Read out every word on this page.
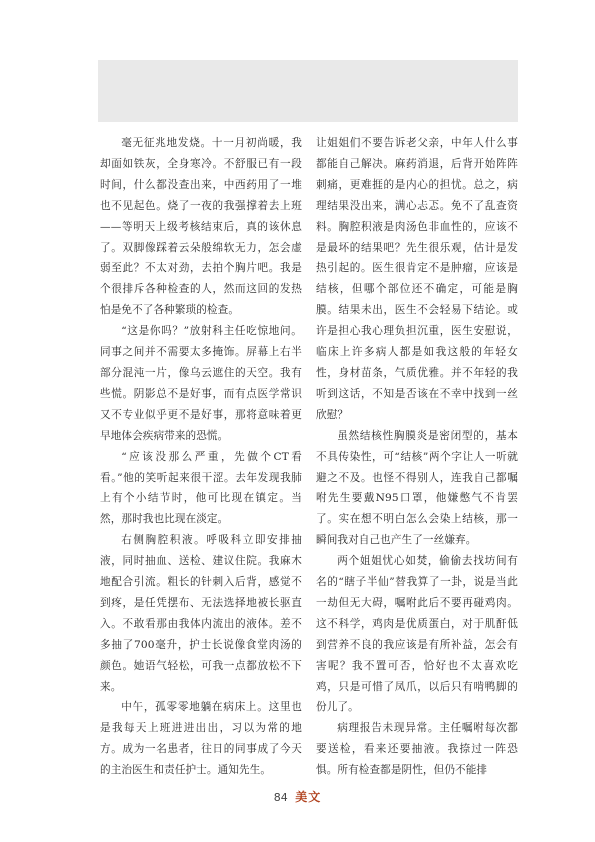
毫无征兆地发烧。十一月初尚暖，我却面如铁灰，全身寒冷。不舒服已有一段时间，什么都没查出来，中西药用了一堆也不见起色。烧了一夜的我强撑着去上班——等明天上级考核结束后，真的该休息了。双脚像踩着云朵般绵软无力，怎会虚弱至此？不太对劲，去拍个胸片吧。我是个很排斥各种检查的人，然而这回的发热怕是免不了各种繁琐的检查。

“这是你吗？”放射科主任吃惊地问。同事之间并不需要太多掩饰。屏幕上右半部分混沌一片，像乌云遮住的天空。我有些慌。阴影总不是好事，而有点医学常识又不专业似乎更不是好事，那将意味着更早地体会疾病带来的恐慌。

“应该没那么严重，先做个CT看看。”他的笑听起来很干涩。去年发现我肺上有个小结节时，他可比现在镇定。当然，那时我也比现在淡定。

右侧胸腔积液。呼吸科立即安排抽液，同时抽血、送检、建议住院。我麻木地配合引流。粗长的针刺入后背，感觉不到疼，是任凭摆布、无法选择地被长驱直入。不敢看那由我体内流出的液体。差不多抽了700毫升，护士长说像食堂肉汤的颜色。她语气轻松，可我一点都放松不下来。

中午，孤零零地躺在病床上。这里也是我每天上班进进出出，习以为常的地方。成为一名患者，往日的同事成了今天的主治医生和责任护士。通知先生。

让姐姐们不要告诉老父亲，中年人什么事都能自己解决。麻药消退，后背开始阵阵刺痛，更难捱的是内心的担忧。总之，病理结果没出来，满心忐忑。免不了乱查资料。胸腔积液是肉汤色非血性的，应该不是最坏的结果吧？先生很乐观，估计是发热引起的。医生很肯定不是肿瘤，应该是结核，但哪个部位还不确定，可能是胸膜。结果未出，医生不会轻易下结论。或许是担心我心理负担沉重，医生安慰说，临床上许多病人都是如我这般的年轻女性，身材苗条，气质优雅。并不年轻的我听到这话，不知是否该在不幸中找到一丝欣慰？

虽然结核性胸膜炎是密闭型的，基本不具传染性，可“结核”两个字让人一听就避之不及。也怪不得别人，连我自己都嘱咐先生要戴N95口罩，他嫌憋气不肯罢了。实在想不明白怎么会染上结核，那一瞬间我对自己也产生了一丝嫌弃。

两个姐姐忧心如焚，偷偷去找坊间有名的“瞎子半仙”替我算了一卦，说是当此一劫但无大碍，嘱咐此后不要再碰鸡肉。这不科学，鸡肉是优质蛋白，对于肌酐低到营养不良的我应该是有所补益，怎会有害呢？我不置可否，恰好也不太喜欢吃鸡，只是可惜了凤爪，以后只有啃鸭脚的份儿了。

病理报告未现异常。主任嘱咐每次都要送检，看来还要抽液。我捺过一阵恐惧。所有检查都是阴性，但仍不能排

84 美文
